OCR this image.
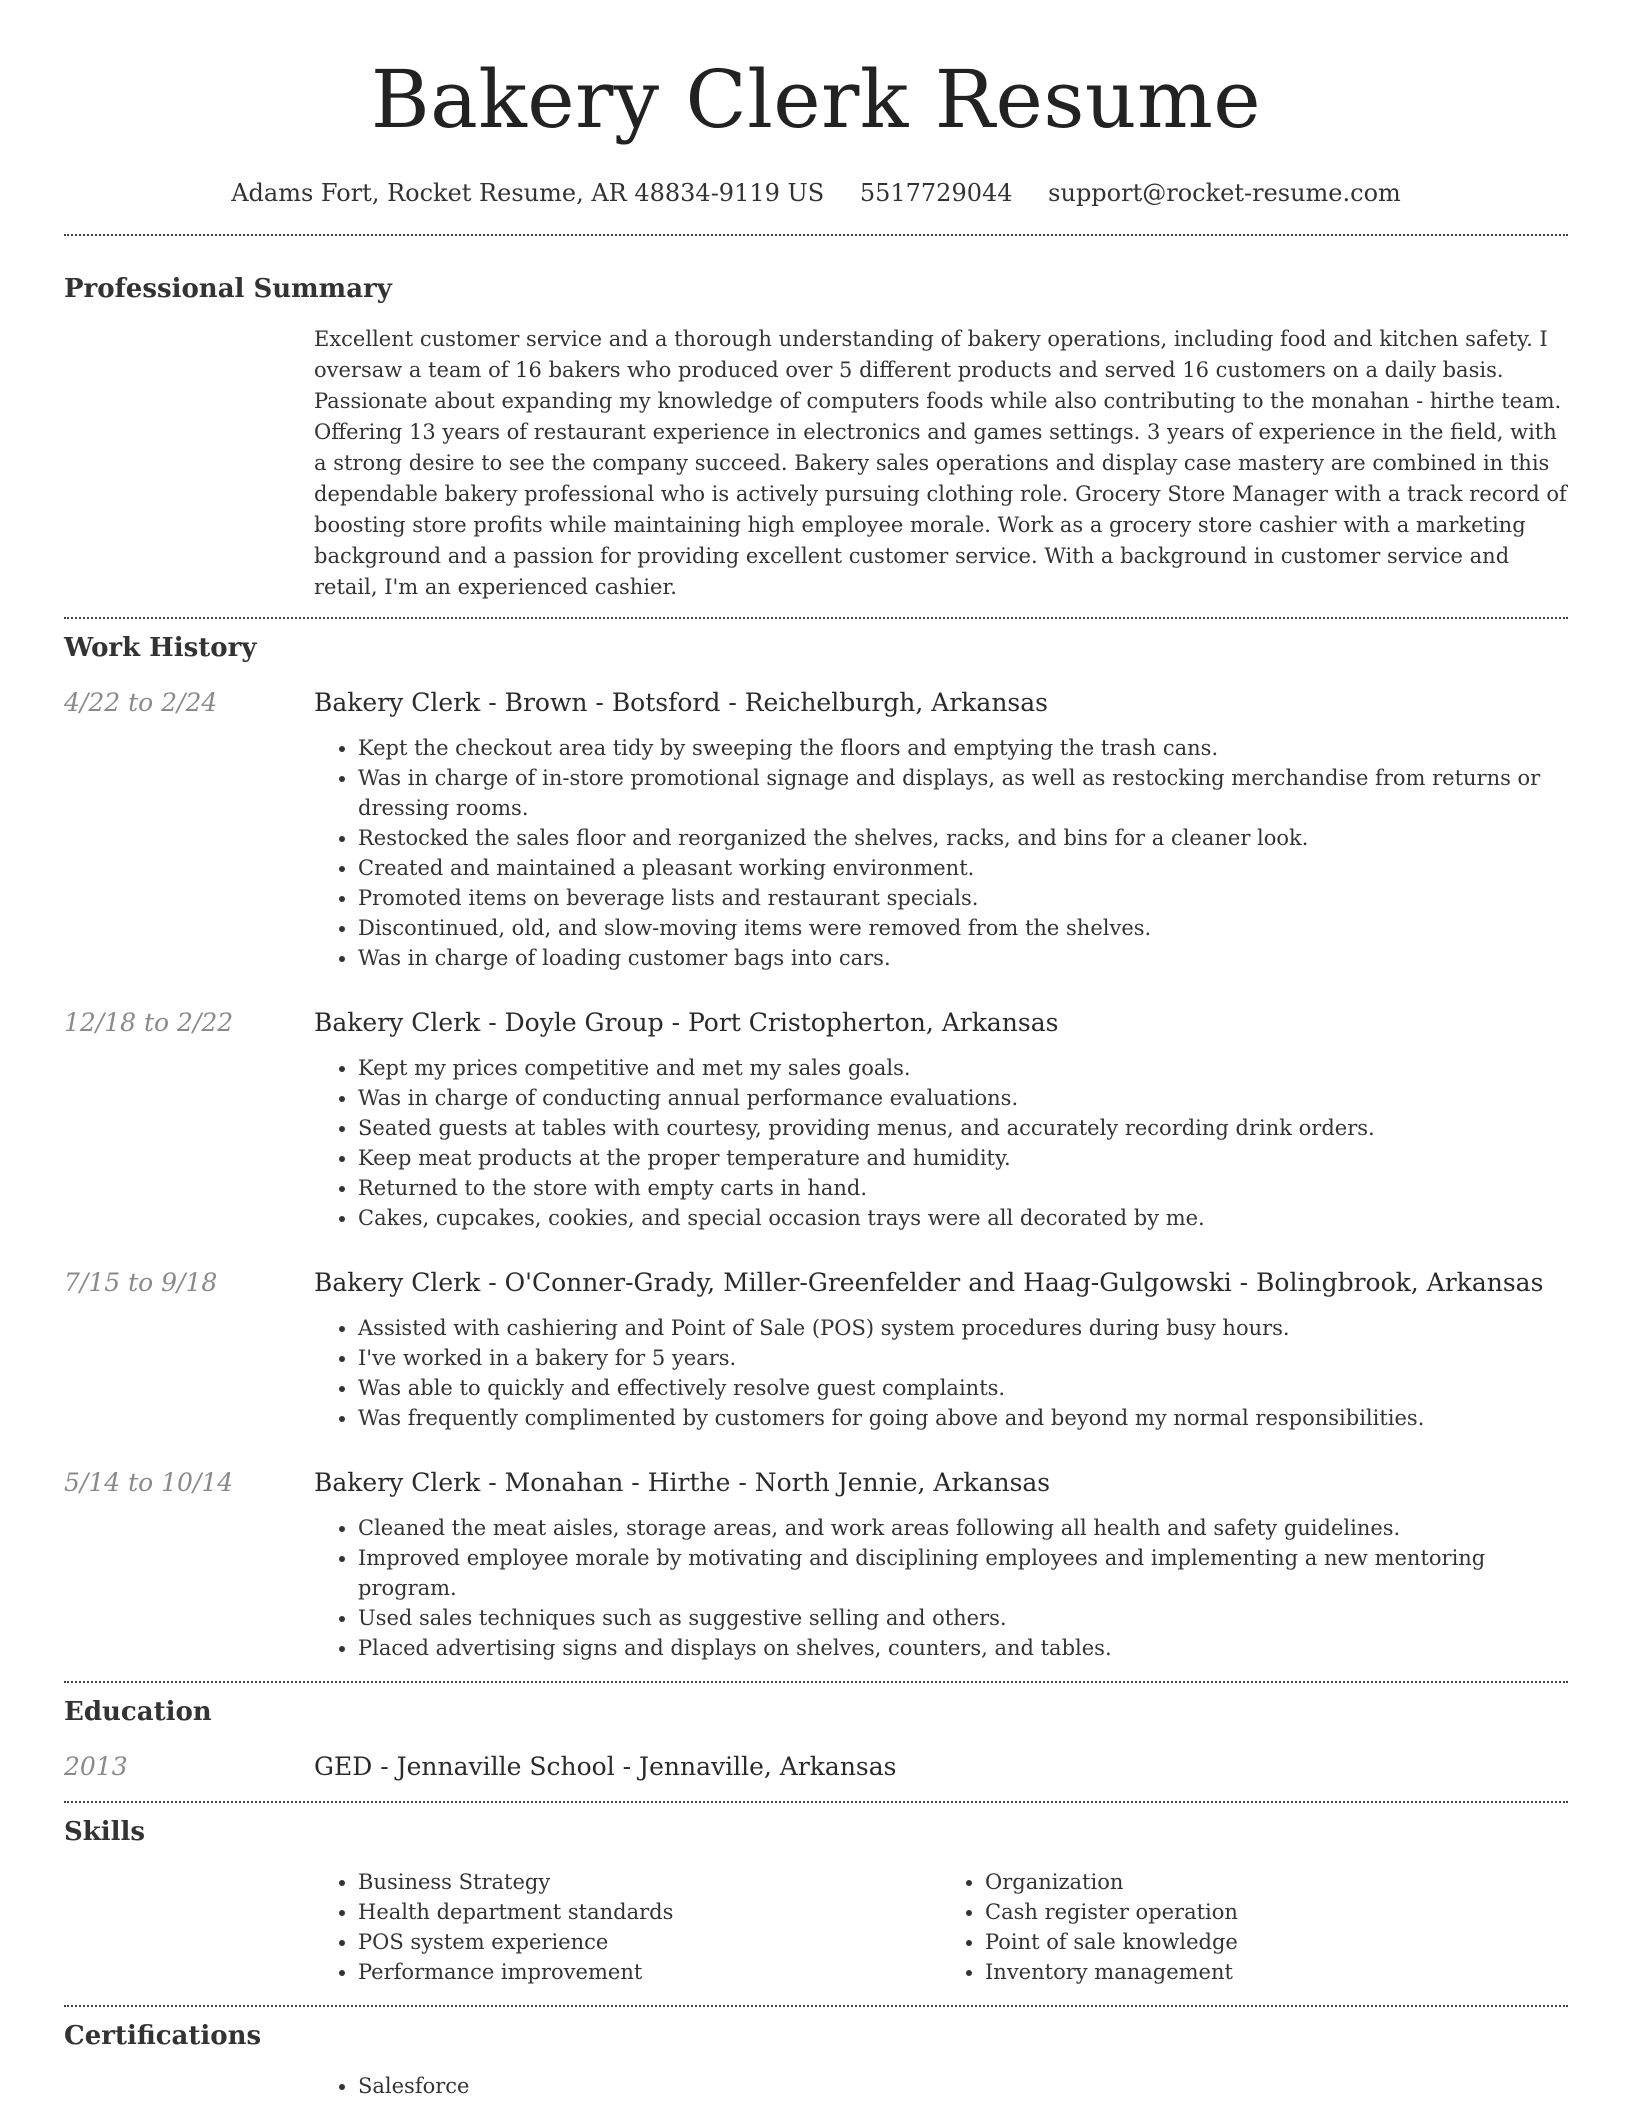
Bakery Clerk Resume
Adams Fort, Rocket Resume, AR 48834-9119 US 5517729044 support@rocket-resume.com
Professional Summary

Excellent customer service and a thorough understanding of bakery operations, including food and kitchen safety. I oversaw a team of 16 bakers who produced over 5 different products and served 16 customers on a daily basis. Passionate about expanding my knowledge of computers foods while also contributing to the monahan - hirthe team. Offering 13 years of restaurant experience in electronics and games settings. 3 years of experience in the field, with a strong desire to see the company succeed. Bakery sales operations and display case mastery are combined in this dependable bakery professional who is actively pursuing clothing role. Grocery Store Manager with a track record of boosting store profits while maintaining high employee morale. Work as a grocery store cashier with a marketing background and a passion for providing excellent customer service. With a background in customer service and retail, I'm an experienced cashier.

Work History
4/22 to 2/24	Bakery Clerk - Brown - Botsford - Reichelburgh, Arkansas
• Kept the checkout area tidy by sweeping the floors and emptying the trash cans.
• Was in charge of in-store promotional signage and displays, as well as restocking merchandise from returns or dressing rooms.
• Restocked the sales floor and reorganized the shelves, racks, and bins for a cleaner look.
• Created and maintained a pleasant working environment.
• Promoted items on beverage lists and restaurant specials.
• Discontinued, old, and slow-moving items were removed from the shelves.
• Was in charge of loading customer bags into cars.
12/18 to 2/22	Bakery Clerk - Doyle Group - Port Cristopherton, Arkansas
• Kept my prices competitive and met my sales goals.
• Was in charge of conducting annual performance evaluations.
• Seated guests at tables with courtesy, providing menus, and accurately recording drink orders.
• Keep meat products at the proper temperature and humidity.
• Returned to the store with empty carts in hand.
• Cakes, cupcakes, cookies, and special occasion trays were all decorated by me.
7/15 to 9/18	Bakery Clerk - O'Conner-Grady, Miller-Greenfelder and Haag-Gulgowski - Bolingbrook, Arkansas
• Assisted with cashiering and Point of Sale (POS) system procedures during busy hours.
• I've worked in a bakery for 5 years.
• Was able to quickly and effectively resolve guest complaints.
• Was frequently complimented by customers for going above and beyond my normal responsibilities.
5/14 to 10/14	Bakery Clerk - Monahan - Hirthe - North Jennie, Arkansas
• Cleaned the meat aisles, storage areas, and work areas following all health and safety guidelines.
• Improved employee morale by motivating and disciplining employees and implementing a new mentoring program.
• Used sales techniques such as suggestive selling and others.
• Placed advertising signs and displays on shelves, counters, and tables.
Education
2013	GED - Jennaville School - Jennaville, Arkansas
Skills
• Business Strategy
• Health department standards
• POS system experience
• Performance improvement
• Organization
• Cash register operation
• Point of sale knowledge
• Inventory management
Certifications
• Salesforce
